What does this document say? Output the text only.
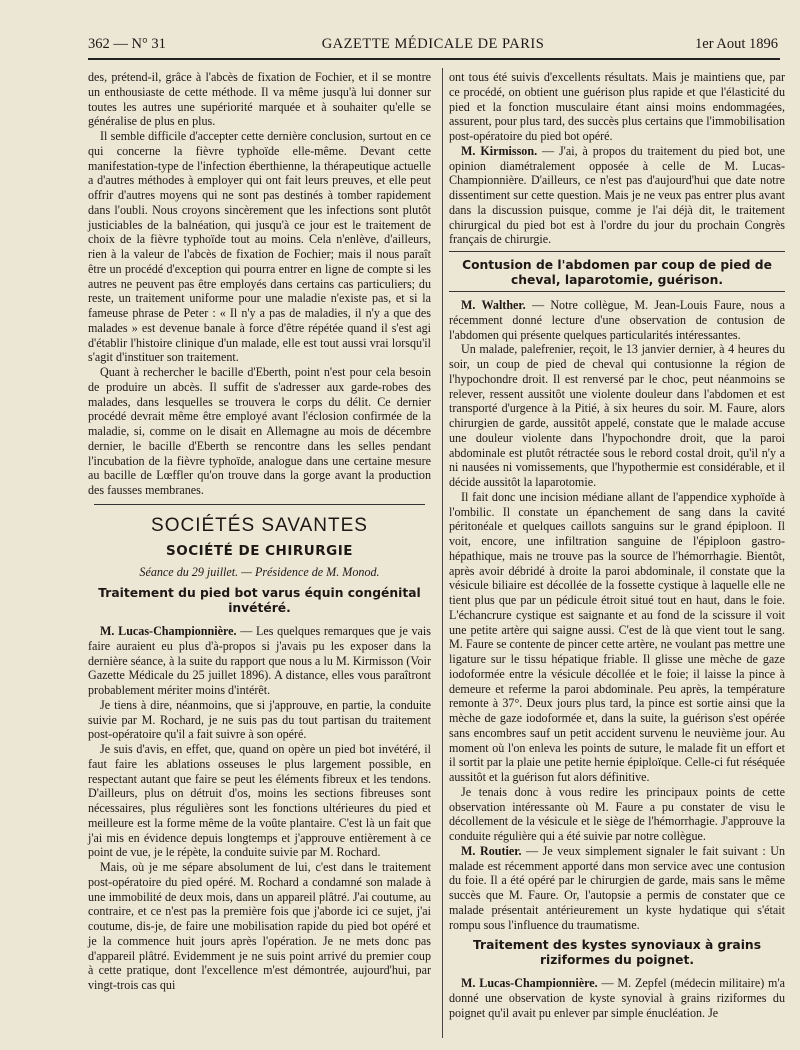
362 — N° 31	GAZETTE MÉDICALE DE PARIS	1er Aout 1896

des, prétend-il, grâce à l'abcès de fixation de Fochier, et il se montre un enthousiaste de cette méthode. Il va même jusqu'à lui donner sur toutes les autres une supériorité marquée et à souhaiter qu'elle se généralise de plus en plus.

Il semble difficile d'accepter cette dernière conclusion, surtout en ce qui concerne la fièvre typhoïde elle-même. Devant cette manifestation-type de l'infection éberthienne, la thérapeutique actuelle a d'autres méthodes à employer qui ont fait leurs preuves, et elle peut offrir d'autres moyens qui ne sont pas destinés à tomber rapidement dans l'oubli. Nous croyons sincèrement que les infections sont plutôt justiciables de la balnéation, qui jusqu'à ce jour est le traitement de choix de la fièvre typhoïde tout au moins. Cela n'enlève, d'ailleurs, rien à la valeur de l'abcès de fixation de Fochier; mais il nous paraît être un procédé d'exception qui pourra entrer en ligne de compte si les autres ne peuvent pas être employés dans certains cas particuliers; du reste, un traitement uniforme pour une maladie n'existe pas, et si la fameuse phrase de Peter : « Il n'y a pas de maladies, il n'y a que des malades » est devenue banale à force d'être répétée quand il s'est agi d'établir l'histoire clinique d'un malade, elle est tout aussi vrai lorsqu'il s'agit d'instituer son traitement.

Quant à rechercher le bacille d'Eberth, point n'est pour cela besoin de produire un abcès. Il suffit de s'adresser aux garde-robes des malades, dans lesquelles se trouvera le corps du délit. Ce dernier procédé devrait même être employé avant l'éclosion confirmée de la maladie, si, comme on le disait en Allemagne au mois de décembre dernier, le bacille d'Eberth se rencontre dans les selles pendant l'incubation de la fièvre typhoïde, analogue dans une certaine mesure au bacille de Lœffler qu'on trouve dans la gorge avant la production des fausses membranes.

SOCIÉTÉS SAVANTES
SOCIÉTÉ DE CHIRURGIE
Séance du 29 juillet. — Présidence de M. Monod.
Traitement du pied bot varus équin congénital invétéré.

M. Lucas-Championnière. — Les quelques remarques que je vais faire auraient eu plus d'à-propos si j'avais pu les exposer dans la dernière séance, à la suite du rapport que nous a lu M. Kirmisson (Voir Gazette Médicale du 25 juillet 1896). A distance, elles vous paraîtront probablement mériter moins d'intérêt.

Je tiens à dire, néanmoins, que si j'approuve, en partie, la conduite suivie par M. Rochard, je ne suis pas du tout partisan du traitement post-opératoire qu'il a fait suivre à son opéré.

Je suis d'avis, en effet, que, quand on opère un pied bot invétéré, il faut faire les ablations osseuses le plus largement possible, en respectant autant que faire se peut les éléments fibreux et les tendons. D'ailleurs, plus on détruit d'os, moins les sections fibreuses sont nécessaires, plus régulières sont les fonctions ultérieures du pied et meilleure est la forme même de la voûte plantaire. C'est là un fait que j'ai mis en évidence depuis longtemps et j'approuve entièrement à ce point de vue, je le répète, la conduite suivie par M. Rochard.

Mais, où je me sépare absolument de lui, c'est dans le traitement post-opératoire du pied opéré. M. Rochard a condamné son malade à une immobilité de deux mois, dans un appareil plâtré. J'ai coutume, au contraire, et ce n'est pas la première fois que j'aborde ici ce sujet, j'ai coutume, dis-je, de faire une mobilisation rapide du pied bot opéré et je la commence huit jours après l'opération. Je ne mets donc pas d'appareil plâtré. Evidemment je ne suis point arrivé du premier coup à cette pratique, dont l'excellence m'est démontrée, aujourd'hui, par vingt-trois cas qui

ont tous été suivis d'excellents résultats. Mais je maintiens que, par ce procédé, on obtient une guérison plus rapide et que l'élasticité du pied et la fonction musculaire étant ainsi moins endommagées, assurent, pour plus tard, des succès plus certains que l'immobilisation post-opératoire du pied bot opéré.

M. Kirmisson. — J'ai, à propos du traitement du pied bot, une opinion diamétralement opposée à celle de M. Lucas-Championnière. D'ailleurs, ce n'est pas d'aujourd'hui que date notre dissentiment sur cette question. Mais je ne veux pas entrer plus avant dans la discussion puisque, comme je l'ai déjà dit, le traitement chirurgical du pied bot est à l'ordre du jour du prochain Congrès français de chirurgie.

Contusion de l'abdomen par coup de pied de cheval, laparotomie, guérison.

M. Walther. — Notre collègue, M. Jean-Louis Faure, nous a récemment donné lecture d'une observation de contusion de l'abdomen qui présente quelques particularités intéressantes.

Un malade, palefrenier, reçoit, le 13 janvier dernier, à 4 heures du soir, un coup de pied de cheval qui contusionne la région de l'hypochondre droit. Il est renversé par le choc, peut néanmoins se relever, ressent aussitôt une violente douleur dans l'abdomen et est transporté d'urgence à la Pitié, à six heures du soir. M. Faure, alors chirurgien de garde, aussitôt appelé, constate que le malade accuse une douleur violente dans l'hypochondre droit, que la paroi abdominale est plutôt rétractée sous le rebord costal droit, qu'il n'y a ni nausées ni vomissements, que l'hypothermie est considérable, et il décide aussitôt la laparotomie.

Il fait donc une incision médiane allant de l'appendice xyphoïde à l'ombilic. Il constate un épanchement de sang dans la cavité péritonéale et quelques caillots sanguins sur le grand épiploon. Il voit, encore, une infiltration sanguine de l'épiploon gastro-hépathique, mais ne trouve pas la source de l'hémorrhagie. Bientôt, après avoir débridé à droite la paroi abdominale, il constate que la vésicule biliaire est décollée de la fossette cystique à laquelle elle ne tient plus que par un pédicule étroit situé tout en haut, dans le foie. L'échancrure cystique est saignante et au fond de la scissure il voit une petite artère qui saigne aussi. C'est de là que vient tout le sang. M. Faure se contente de pincer cette artère, ne voulant pas mettre une ligature sur le tissu hépatique friable. Il glisse une mèche de gaze iodoformée entre la vésicule décollée et le foie; il laisse la pince à demeure et referme la paroi abdominale. Peu après, la température remonte à 37°. Deux jours plus tard, la pince est sortie ainsi que la mèche de gaze iodoformée et, dans la suite, la guérison s'est opérée sans encombres sauf un petit accident survenu le neuvième jour. Au moment où l'on enleva les points de suture, le malade fit un effort et il sortit par la plaie une petite hernie épiploïque. Celle-ci fut réséquée aussitôt et la guérison fut alors définitive.

Je tenais donc à vous redire les principaux points de cette observation intéressante où M. Faure a pu constater de visu le décollement de la vésicule et le siège de l'hémorrhagie. J'approuve la conduite régulière qui a été suivie par notre collègue.

M. Routier. — Je veux simplement signaler le fait suivant : Un malade est récemment apporté dans mon service avec une contusion du foie. Il a été opéré par le chirurgien de garde, mais sans le même succès que M. Faure. Or, l'autopsie a permis de constater que ce malade présentait antérieurement un kyste hydatique qui s'était rompu sous l'influence du traumatisme.

Traitement des kystes synoviaux à grains riziformes du poignet.

M. Lucas-Championnière. — M. Zepfel (médecin militaire) m'a donné une observation de kyste synovial à grains riziformes du poignet qu'il avait pu enlever par simple énucléation. Je
